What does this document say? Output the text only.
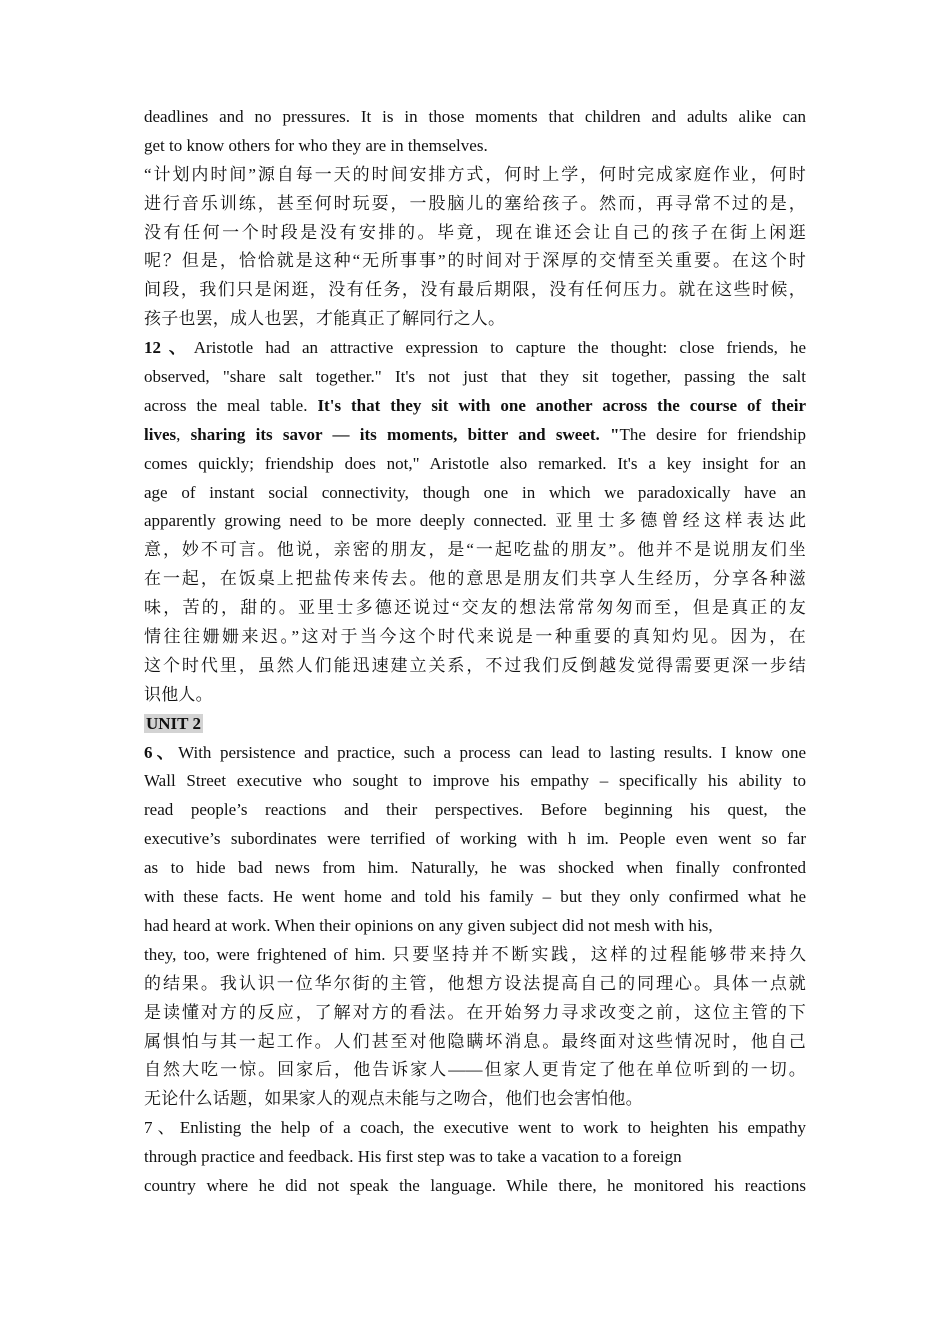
deadlines and no pressures. It is in those moments that children and adults alike can
get to know others for who they are in themselves.
“计划内时间”源自每一天的时间安排方式，何时上学，何时完成家庭作业，何时
进行音乐训练，甚至何时玩耍，一股脑儿的塞给孩子。然而，再寻常不过的是，
没有任何一个时段是没有安排的。毕竟，现在谁还会让自己的孩子在街上闲逛
呢？但是，恰恰就是这种“无所事事”的时间对于深厚的交情至关重要。在这个时
间段，我们只是闲逛，没有任务，没有最后期限，没有任何压力。就在这些时候，
孩子也罢，成人也罢，才能真正了解同行之人。
12、Aristotle had an attractive expression to capture the thought: close friends, he
observed, "share salt together." It's not just that they sit together, passing the salt
across the meal table. It's that they sit with one another across the course of their
lives, sharing its savor — its moments, bitter and sweet. "The desire for friendship
comes quickly; friendship does not," Aristotle also remarked. It's a key insight for an
age of instant social connectivity, though one in which we paradoxically have an
apparently growing need to be more deeply connected. 亚里士多德曾经这样表达此
意，妙不可言。他说，亲密的朋友，是“一起吃盐的朋友”。他并不是说朋友们坐
在一起，在饭桌上把盐传来传去。他的意思是朋友们共享人生经历，分享各种滋
味，苦的，甜的。亚里士多德还说过“交友的想法常常匆匆而至，但是真正的友
情往往姗姗来迟。”这对于当今这个时代来说是一种重要的真知灼见。因为，在
这个时代里，虽然人们能迅速建立关系，不过我们反倒越发觉得需要更深一步结
识他人。
UNIT 2
6、With persistence and practice, such a process can lead to lasting results. I know one
Wall Street executive who sought to improve his empathy – specifically his ability to
read people’s reactions and their perspectives. Before beginning his quest, the
executive’s subordinates were terrified of working with h im. People even went so far
as to hide bad news from him. Naturally, he was shocked when finally confronted
with these facts. He went home and told his family – but they only confirmed what he
had heard at work. When their opinions on any given subject did not mesh with his,
they, too, were frightened of him. 只要坚持并不断实践，这样的过程能够带来持久
的结果。我认识一位华尔街的主管，他想方设法提高自己的同理心。具体一点就
是读懂对方的反应，了解对方的看法。在开始努力寻求改变之前，这位主管的下
属惧怕与其一起工作。人们甚至对他隐瞒坏消息。最终面对这些情况时，他自己
自然大吃一惊。回家后，他告诉家人——但家人更肯定了他在单位听到的一切。
无论什么话题，如果家人的观点未能与之吻合，他们也会害怕他。
7、Enlisting the help of a coach, the executive went to work to heighten his empathy
through practice and feedback. His first step was to take a vacation to a foreign
country where he did not speak the language. While there, he monitored his reactions
